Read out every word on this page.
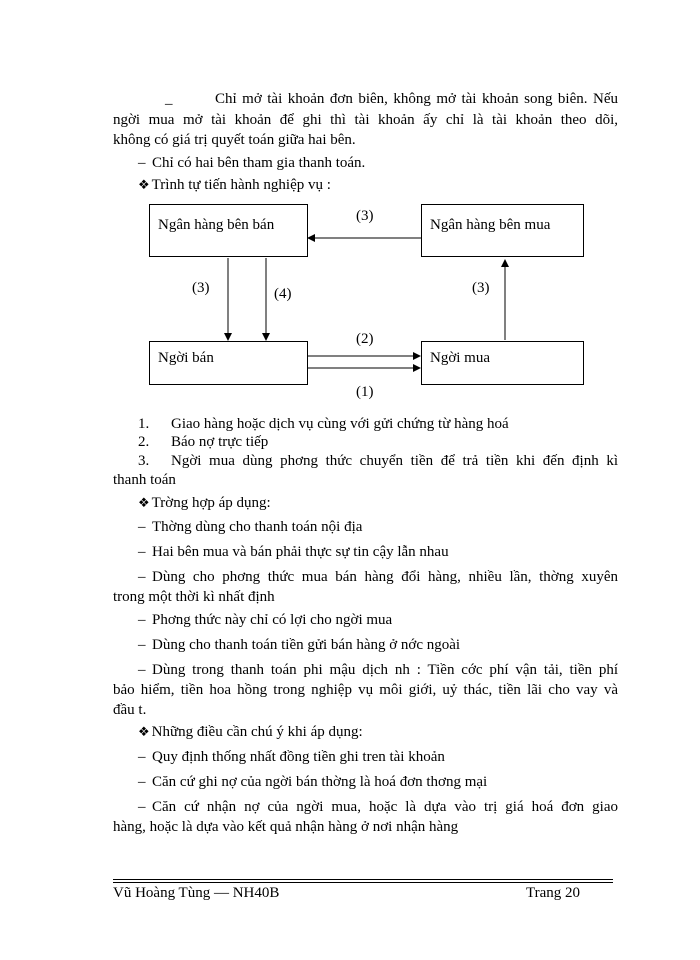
_	Chỉ mở tài khoản đơn biên, không mở tài khoản song biên. Nếu
ngời mua mở tài khoản để ghi thì tài khoản ấy chỉ là tài khoản theo dõi,
không có giá trị quyết toán giữa hai bên.
– Chỉ có hai bên tham gia thanh toán.
❖ Trình tự tiến hành nghiệp vụ :
Ngân hàng bên bán	Ngân hàng bên mua
Ngời bán	Ngời mua
(3)
(3)	(4)	(3)
(2)
(1)
1. Giao hàng hoặc dịch vụ cùng với gửi chứng từ hàng hoá
2. Báo nợ trực tiếp
3. Ngời mua dùng phơng thức chuyển tiền để trả tiền khi đến định kì
thanh toán
❖ Trờng hợp áp dụng:
– Thờng dùng cho thanh toán nội địa
– Hai bên mua và bán phải thực sự tin cậy lẫn nhau
– Dùng cho phơng thức mua bán hàng đổi hàng, nhiều lần, thờng xuyên
trong một thời kì nhất định
– Phơng thức này chỉ có lợi cho ngời mua
– Dùng cho thanh toán tiền gửi bán hàng ở nớc ngoài
– Dùng trong thanh toán phi mậu dịch nh : Tiền cớc phí vận tải, tiền phí
bảo hiểm, tiền hoa hồng trong nghiệp vụ môi giới, uỷ thác, tiền lãi cho vay và
đầu t.
❖ Những điều cần chú ý khi áp dụng:
– Quy định thống nhất đồng tiền ghi tren tài khoản
– Căn cứ ghi nợ của ngời bán thờng là hoá đơn thơng mại
– Căn cứ nhận nợ của ngời mua, hoặc là dựa vào trị giá hoá đơn giao
hàng, hoặc là dựa vào kết quả nhận hàng ở nơi nhận hàng
Vũ Hoàng Tùng — NH40B	Trang 20
